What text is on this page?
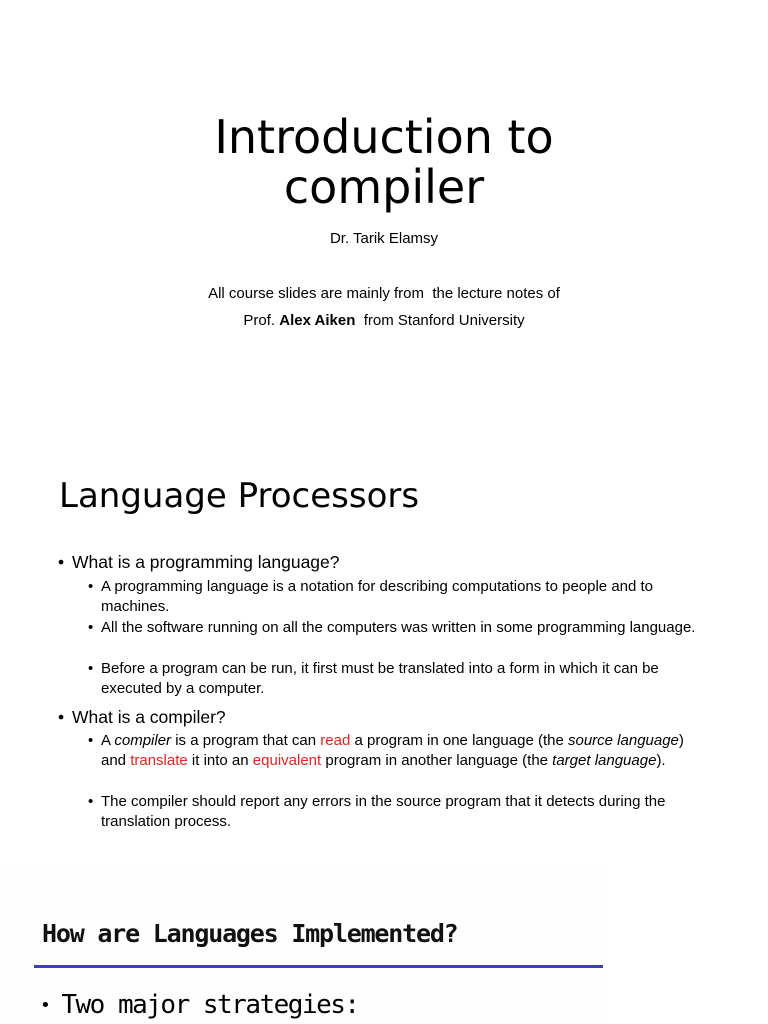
Introduction to
compiler
Dr. Tarik Elamsy
All course slides are mainly from  the lecture notes of
Prof. Alex Aiken  from Stanford University
Language Processors
• What is a programming language?
• A programming language is a notation for describing computations to people and to machines.
• All the software running on all the computers was written in some programming language.
• Before a program can be run, it first must be translated into a form in which it can be executed by a computer.
• What is a compiler?
• A compiler is a program that can read a program in one language (the source language) and translate it into an equivalent program in another language (the target language).
• The compiler should report any errors in the source program that it detects during the translation process.
How are Languages Implemented?
• Two major strategies:
